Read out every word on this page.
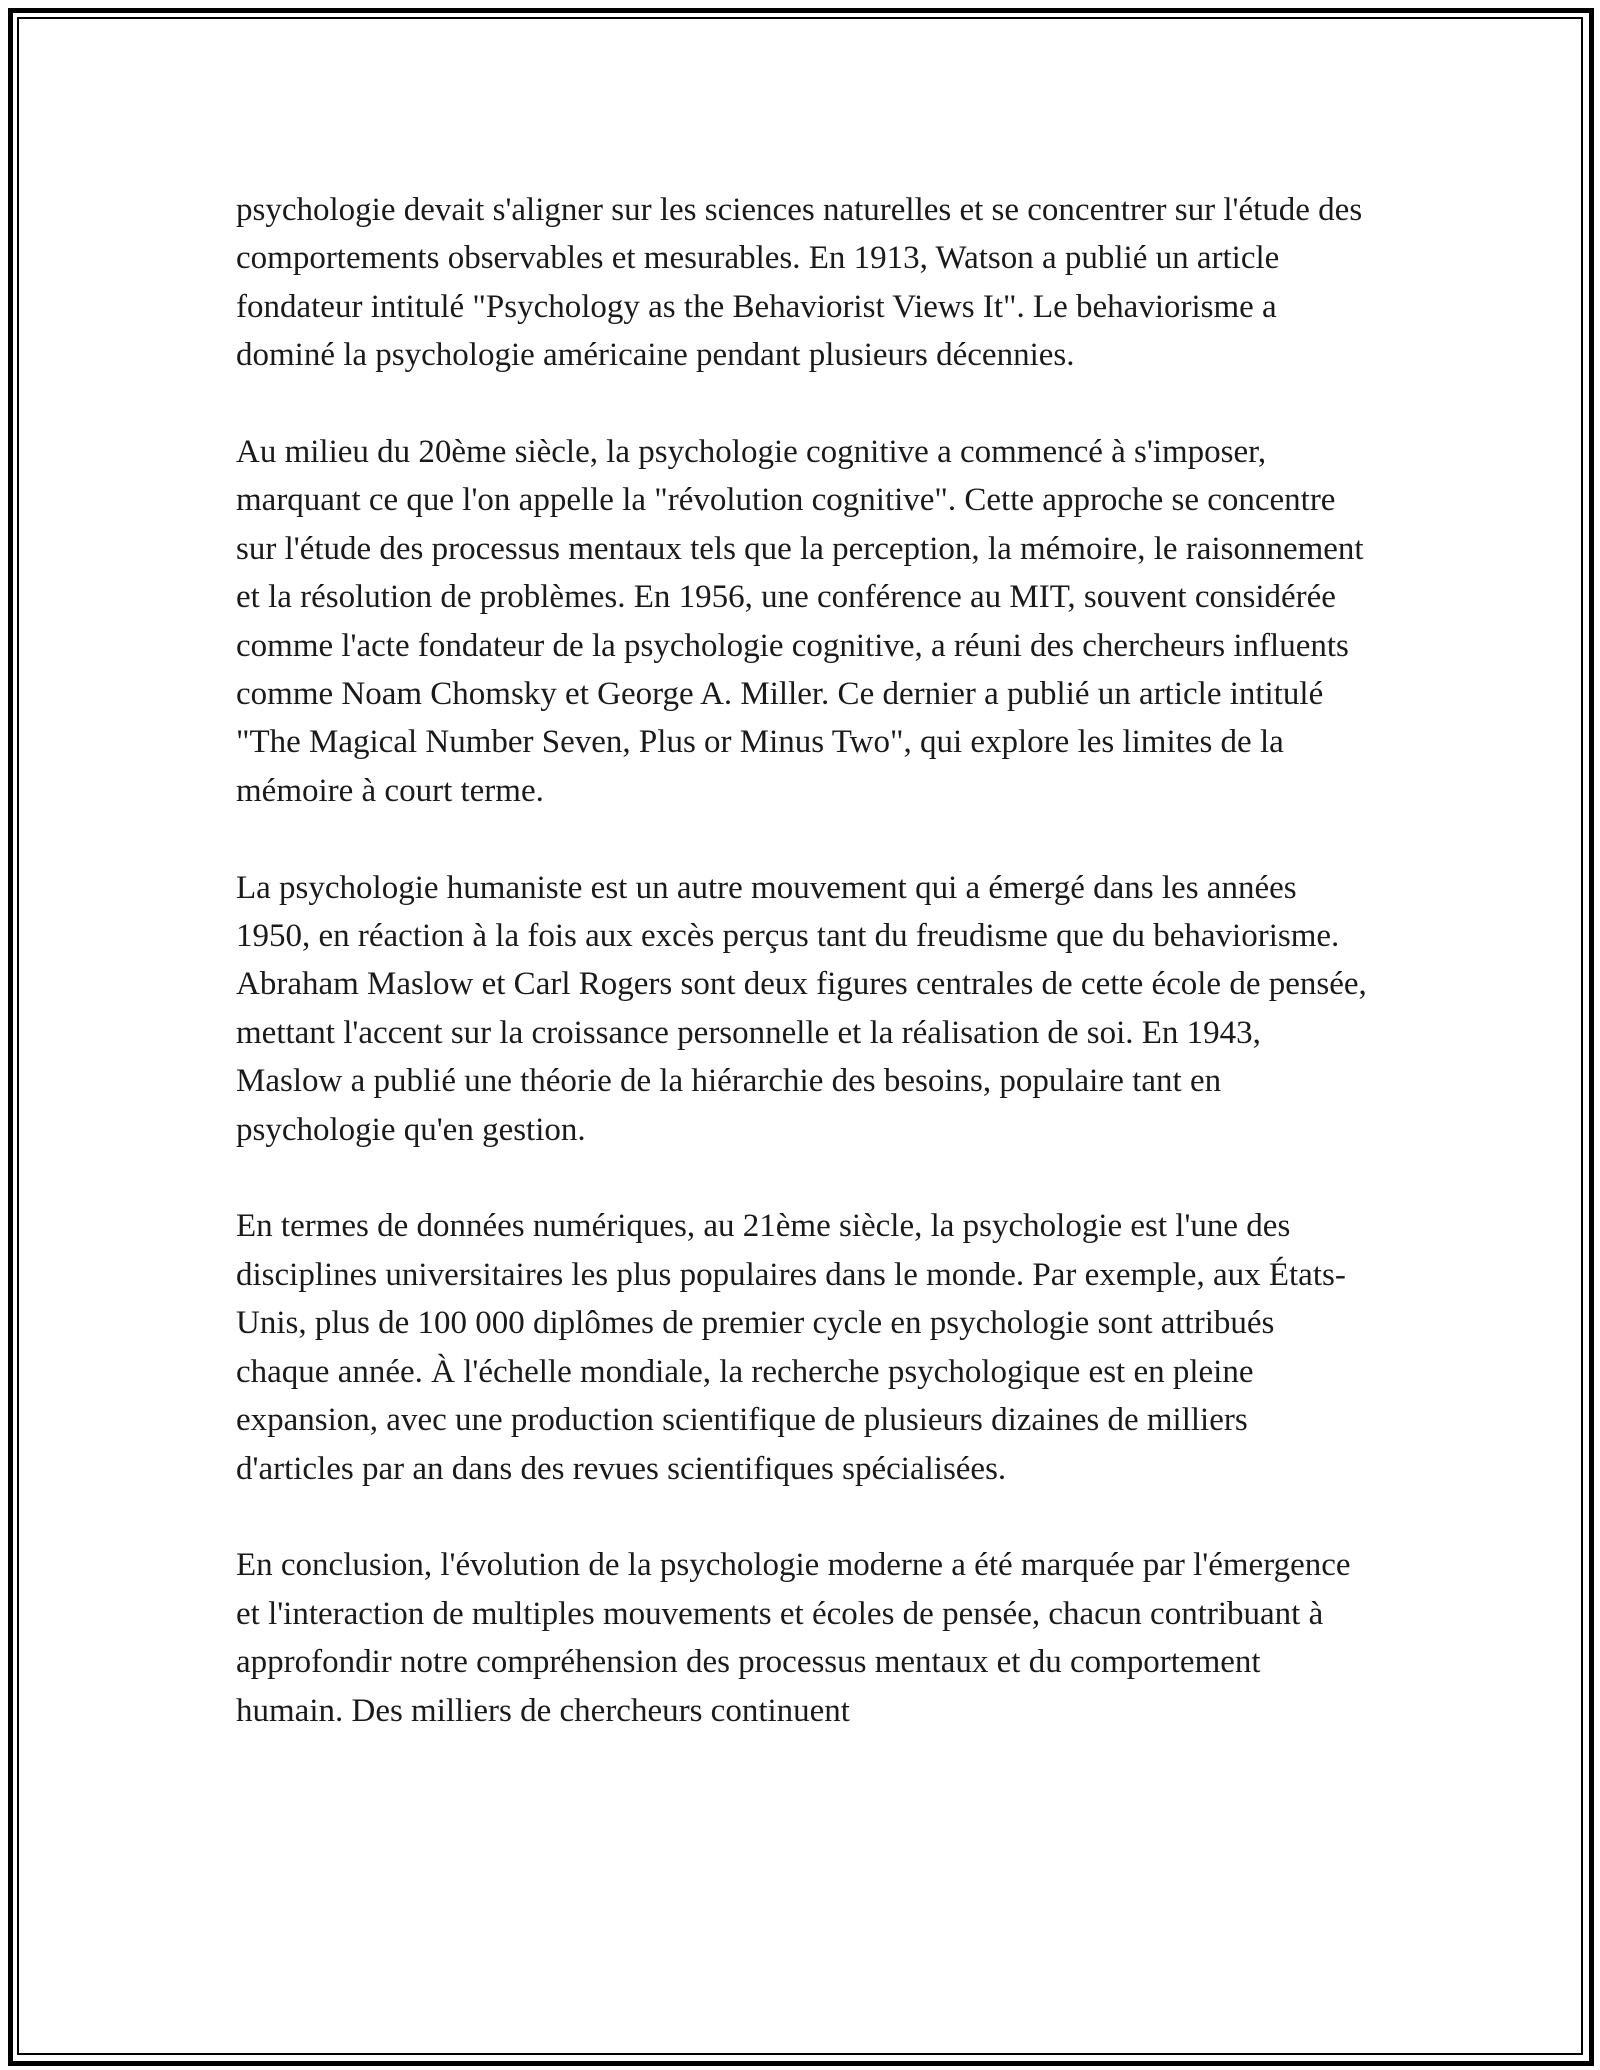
psychologie devait s'aligner sur les sciences naturelles et se concentrer sur l'étude des comportements observables et mesurables. En 1913, Watson a publié un article fondateur intitulé "Psychology as the Behaviorist Views It". Le behaviorisme a dominé la psychologie américaine pendant plusieurs décennies.

Au milieu du 20ème siècle, la psychologie cognitive a commencé à s'imposer, marquant ce que l'on appelle la "révolution cognitive". Cette approche se concentre sur l'étude des processus mentaux tels que la perception, la mémoire, le raisonnement et la résolution de problèmes. En 1956, une conférence au MIT, souvent considérée comme l'acte fondateur de la psychologie cognitive, a réuni des chercheurs influents comme Noam Chomsky et George A. Miller. Ce dernier a publié un article intitulé "The Magical Number Seven, Plus or Minus Two", qui explore les limites de la mémoire à court terme.

La psychologie humaniste est un autre mouvement qui a émergé dans les années 1950, en réaction à la fois aux excès perçus tant du freudisme que du behaviorisme. Abraham Maslow et Carl Rogers sont deux figures centrales de cette école de pensée, mettant l'accent sur la croissance personnelle et la réalisation de soi. En 1943, Maslow a publié une théorie de la hiérarchie des besoins, populaire tant en psychologie qu'en gestion.

En termes de données numériques, au 21ème siècle, la psychologie est l'une des disciplines universitaires les plus populaires dans le monde. Par exemple, aux États-Unis, plus de 100 000 diplômes de premier cycle en psychologie sont attribués chaque année. À l'échelle mondiale, la recherche psychologique est en pleine expansion, avec une production scientifique de plusieurs dizaines de milliers d'articles par an dans des revues scientifiques spécialisées.

En conclusion, l'évolution de la psychologie moderne a été marquée par l'émergence et l'interaction de multiples mouvements et écoles de pensée, chacun contribuant à approfondir notre compréhension des processus mentaux et du comportement humain. Des milliers de chercheurs continuent
